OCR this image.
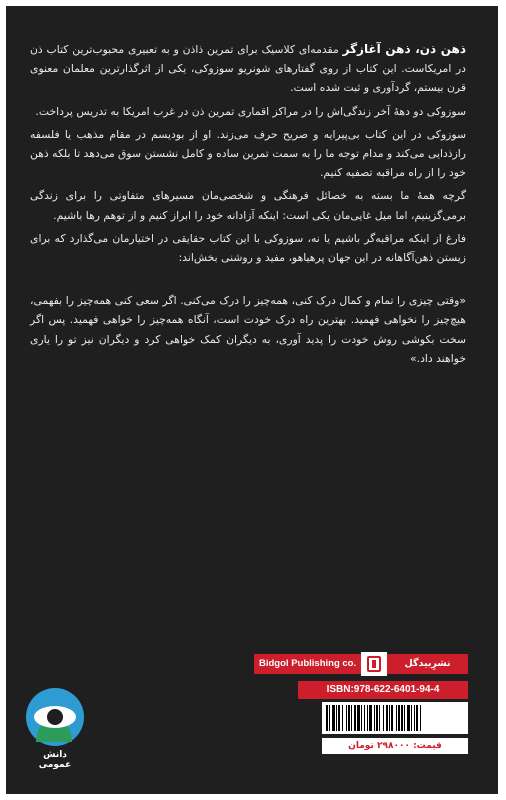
ذهن ذن، ذهن آغازگر مقدمه‌ای کلاسیک برای تمرین ذاذن و به تعبیری محبوب‌ترین کتاب ذن در امریکاست. این کتاب از روی گفتارهای شونریو سوزوکی، یکی از اثرگذارترین معلمان معنوی قرن بیستم، گردآوری و ثبت شده است.

سوزوکی دو دهۀ آخر زندگی‌اش را در مراکز اقماری تمرین ذن در غرب امریکا به تدریس پرداخت.

سوزوکی در این کتاب بی‌پیرایه و صریح حرف می‌زند. او از بودیسم در مقام مذهب یا فلسفه رازذدایی می‌کند و مدام توجه ما را به سمت تمرین ساده و کامل نشستن سوق می‌دهد تا بلکه ذهن خود را از راه مراقبه تصفیه کنیم.

گرچه همهٔ ما بسته به خصائل فرهنگی و شخصی‌مان مسیرهای متفاوتی را برای زندگی برمی‌گزینیم، اما میل غایی‌مان یکی است: اینکه آزادانه خود را ابراز کنیم و از توهم رها باشیم.

فارغ از اینکه مراقبه‌گر باشیم یا نه، سوزوکی با این کتاب حقایقی در اختیارمان می‌گذارد که برای زیستن ذهن‌آگاهانه در این جهان پرهیاهو، مفید و روشنی بخش‌اند:

«وقتی چیزی را تمام و کمال درک کنی، همه‌چیز را درک می‌کنی. اگر سعی کنی همه‌چیز را بفهمی، هیچ‌چیز را نخواهی فهمید. بهترین راه درک خودت است، آنگاه همه‌چیز را خواهی فهمید. پس اگر سخت بکوشی روش خودت را پدید آوری، به دیگران کمک خواهی کرد و دیگران نیز تو را یاری خواهند داد.»

دانش عمومی
Bidgol Publishing co.	نشرِبیدگل
ISBN:978-622-6401-94-4
قیمت: ۲۹۸۰۰۰ تومان
